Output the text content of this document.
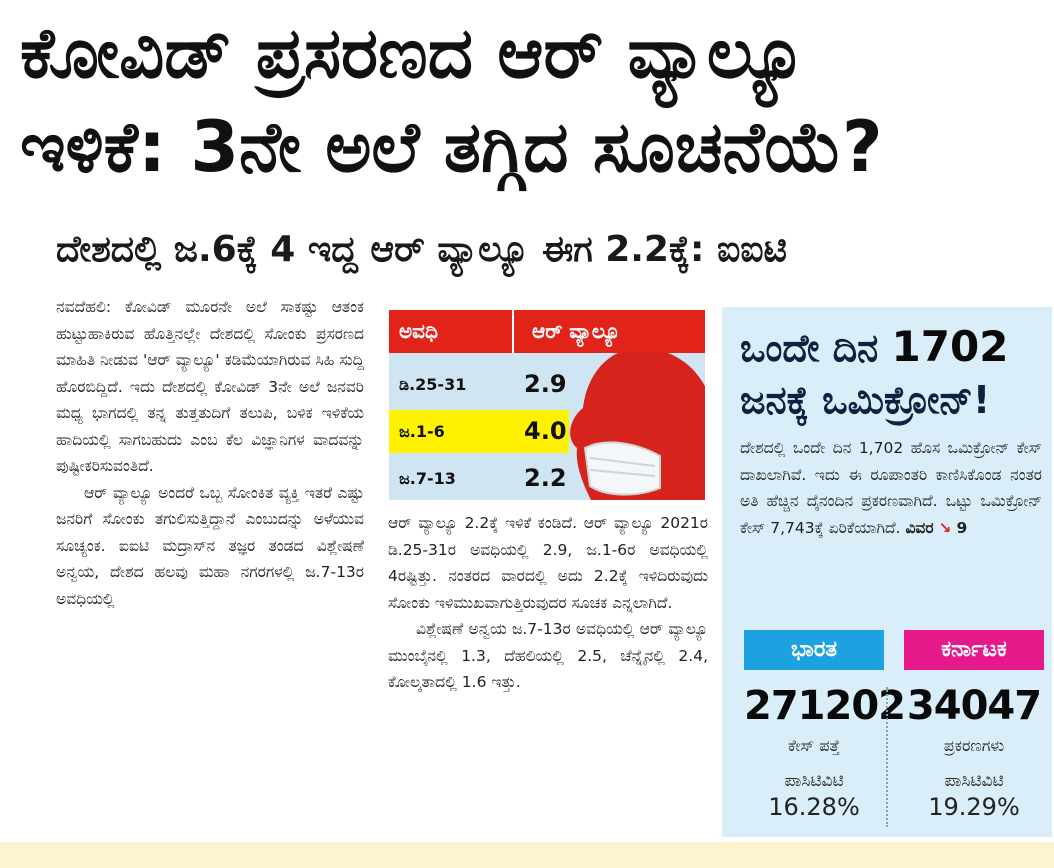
ಕೋವಿಡ್ ಪ್ರಸರಣದ ಆರ್ ವ್ಯಾಲ್ಯೂ
ಇಳಿಕೆ: 3ನೇ ಅಲೆ ತಗ್ಗಿದ ಸೂಚನೆಯೆ?
ದೇಶದಲ್ಲಿ ಜ.6ಕ್ಕೆ 4 ಇದ್ದ ಆರ್ ವ್ಯಾಲ್ಯೂ ಈಗ 2.2ಕ್ಕೆ: ಐಐಟಿ

ನವದೆಹಲಿ: ಕೋವಿಡ್ ಮೂರನೇ ಅಲೆ ಸಾಕಷ್ಟು ಆತಂಕ ಹುಟ್ಟುಹಾಕಿರುವ ಹೊತ್ತಿನಲ್ಲೇ ದೇಶದಲ್ಲಿ ಸೋಂಕು ಪ್ರಸರಣದ ಮಾಹಿತಿ ನೀಡುವ 'ಆರ್ ವ್ಯಾಲ್ಯೂ' ಕಡಿಮೆಯಾಗಿರುವ ಸಿಹಿ ಸುದ್ದಿ ಹೊರಬಿದ್ದಿದೆ. ಇದು ದೇಶದಲ್ಲಿ ಕೋವಿಡ್ 3ನೇ ಅಲೆ ಜನವರಿ ಮಧ್ಯ ಭಾಗದಲ್ಲಿ ತನ್ನ ತುತ್ತತುದಿಗೆ ತಲುಪಿ, ಬಳಿಕ ಇಳಿಕೆಯ ಹಾದಿಯಲ್ಲಿ ಸಾಗಬಹುದು ಎಂಬ ಕೆಲ ವಿಜ್ಞಾನಿಗಳ ವಾದವನ್ನು ಪುಷ್ಟೀಕರಿಸುವಂತಿದೆ.

ಆರ್ ವ್ಯಾಲ್ಯೂ ಅಂದರೆ ಒಬ್ಬ ಸೋಂಕಿತ ವ್ಯಕ್ತಿ ಇತರೆ ಎಷ್ಟು ಜನರಿಗೆ ಸೋಂಕು ತಗುಲಿಸುತ್ತಿದ್ದಾನೆ ಎಂಬುದನ್ನು ಅಳೆಯುವ ಸೂಚ್ಯಂಕ. ಐಐಟಿ ಮದ್ರಾಸ್‌ನ ತಜ್ಞರ ತಂಡದ ವಿಶ್ಲೇಷಣೆ ಅನ್ವಯ, ದೇಶದ ಹಲವು ಮಹಾ ನಗರಗಳಲ್ಲಿ ಜ.7-13ರ ಅವಧಿಯಲ್ಲಿ

ಅವಧಿ	ಆರ್ ವ್ಯಾಲ್ಯೂ
ಡಿ.25-31	2.9
ಜ.1-6	4.0
ಜ.7-13	2.2

ಆರ್ ವ್ಯಾಲ್ಯೂ 2.2ಕ್ಕೆ ಇಳಿಕೆ ಕಂಡಿದೆ. ಆರ್ ವ್ಯಾಲ್ಯೂ 2021ರ ಡಿ.25-31ರ ಅವಧಿಯಲ್ಲಿ 2.9, ಜ.1-6ರ ಅವಧಿಯಲ್ಲಿ 4ರಷ್ಟಿತ್ತು. ನಂತರದ ವಾರದಲ್ಲಿ ಅದು 2.2ಕ್ಕೆ ಇಳಿದಿರುವುದು ಸೋಂಕು ಇಳಿಮುಖವಾಗುತ್ತಿರುವುದರ ಸೂಚಕ ಎನ್ನಲಾಗಿದೆ.

ವಿಶ್ಲೇಷಣೆ ಅನ್ವಯ ಜ.7-13ರ ಅವಧಿಯಲ್ಲಿ ಆರ್ ವ್ಯಾಲ್ಯೂ ಮುಂಬೈನಲ್ಲಿ 1.3, ದೆಹಲಿಯಲ್ಲಿ 2.5, ಚೆನ್ನೈನಲ್ಲಿ 2.4, ಕೋಲ್ಕತಾದಲ್ಲಿ 1.6 ಇತ್ತು.

ಒಂದೇ ದಿನ 1702
ಜನಕ್ಕೆ ಒಮಿಕ್ರೋನ್!
ದೇಶದಲ್ಲಿ ಒಂದೇ ದಿನ 1,702 ಹೊಸ ಒಮಿಕ್ರೋನ್ ಕೇಸ್ ದಾಖಲಾಗಿವೆ. ಇದು ಈ ರೂಪಾಂತರಿ ಕಾಣಿಸಿಕೊಂಡ ನಂತರ ಅತಿ ಹೆಚ್ಚಿನ ದೈನಂದಿನ ಪ್ರಕರಣವಾಗಿದೆ. ಒಟ್ಟು ಒಮಿಕ್ರೋನ್ ಕೇಸ್ 7,743ಕ್ಕೆ ಏರಿಕೆಯಾಗಿದೆ. ವಿವರ ↘ 9
ಭಾರತ
271202
ಕೇಸ್ ಪತ್ತೆ
ಪಾಸಿಟಿವಿಟಿ
16.28%
ಕರ್ನಾಟಕ
34047
ಪ್ರಕರಣಗಳು
ಪಾಸಿಟಿವಿಟಿ
19.29%
